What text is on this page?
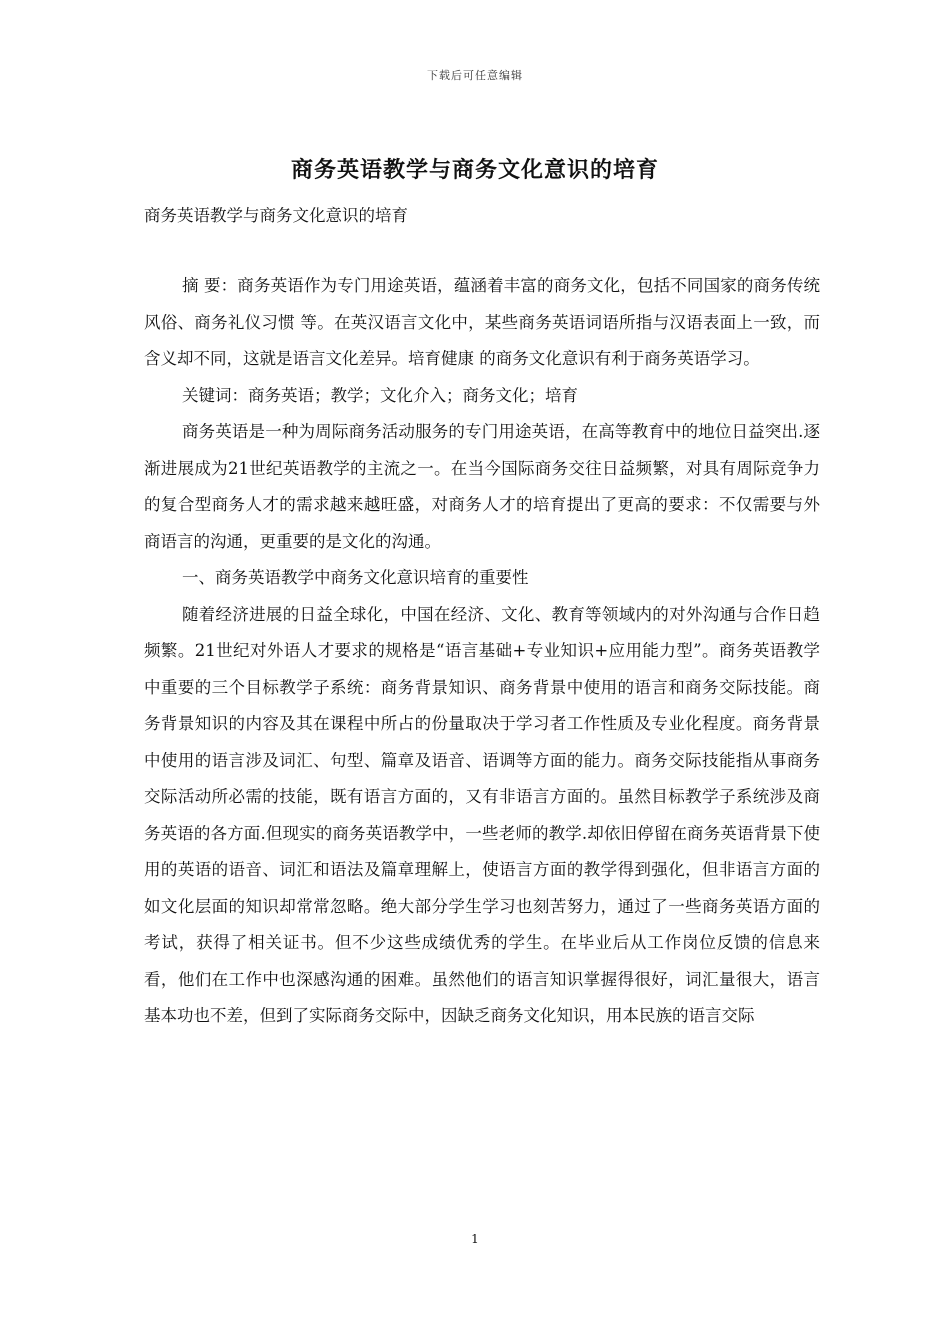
下载后可任意编辑
商务英语教学与商务文化意识的培育
商务英语教学与商务文化意识的培育

摘 要：商务英语作为专门用途英语，蕴涵着丰富的商务文化，包括不同国家的商务传统风俗、商务礼仪习惯 等。在英汉语言文化中，某些商务英语词语所指与汉语表面上一致，而含义却不同，这就是语言文化差异。培育健康 的商务文化意识有利于商务英语学习。

关键词：商务英语；教学；文化介入；商务文化；培育

商务英语是一种为周际商务活动服务的专门用途英语，在高等教育中的地位日益突出.逐渐进展成为21世纪英语教学的主流之一。在当今国际商务交往日益频繁，对具有周际竞争力的复合型商务人才的需求越来越旺盛，对商务人才的培育提出了更高的要求：不仅需要与外商语言的沟通，更重要的是文化的沟通。

一、商务英语教学中商务文化意识培育的重要性

随着经济进展的日益全球化，中国在经济、文化、教育等领域内的对外沟通与合作日趋频繁。21世纪对外语人才要求的规格是“语言基础+专业知识+应用能力型”。商务英语教学中重要的三个目标教学子系统：商务背景知识、商务背景中使用的语言和商务交际技能。商务背景知识的内容及其在课程中所占的份量取决于学习者工作性质及专业化程度。商务背景中使用的语言涉及词汇、句型、篇章及语音、语调等方面的能力。商务交际技能指从事商务交际活动所必需的技能，既有语言方面的，又有非语言方面的。虽然目标教学子系统涉及商务英语的各方面.但现实的商务英语教学中，一些老师的教学.却依旧停留在商务英语背景下使用的英语的语音、词汇和语法及篇章理解上，使语言方面的教学得到强化，但非语言方面的如文化层面的知识却常常忽略。绝大部分学生学习也刻苦努力，通过了一些商务英语方面的考试，获得了相关证书。但不少这些成绩优秀的学生。在毕业后从工作岗位反馈的信息来看，他们在工作中也深感沟通的困难。虽然他们的语言知识掌握得很好，词汇量很大，语言基本功也不差，但到了实际商务交际中，因缺乏商务文化知识，用本民族的语言交际

1
